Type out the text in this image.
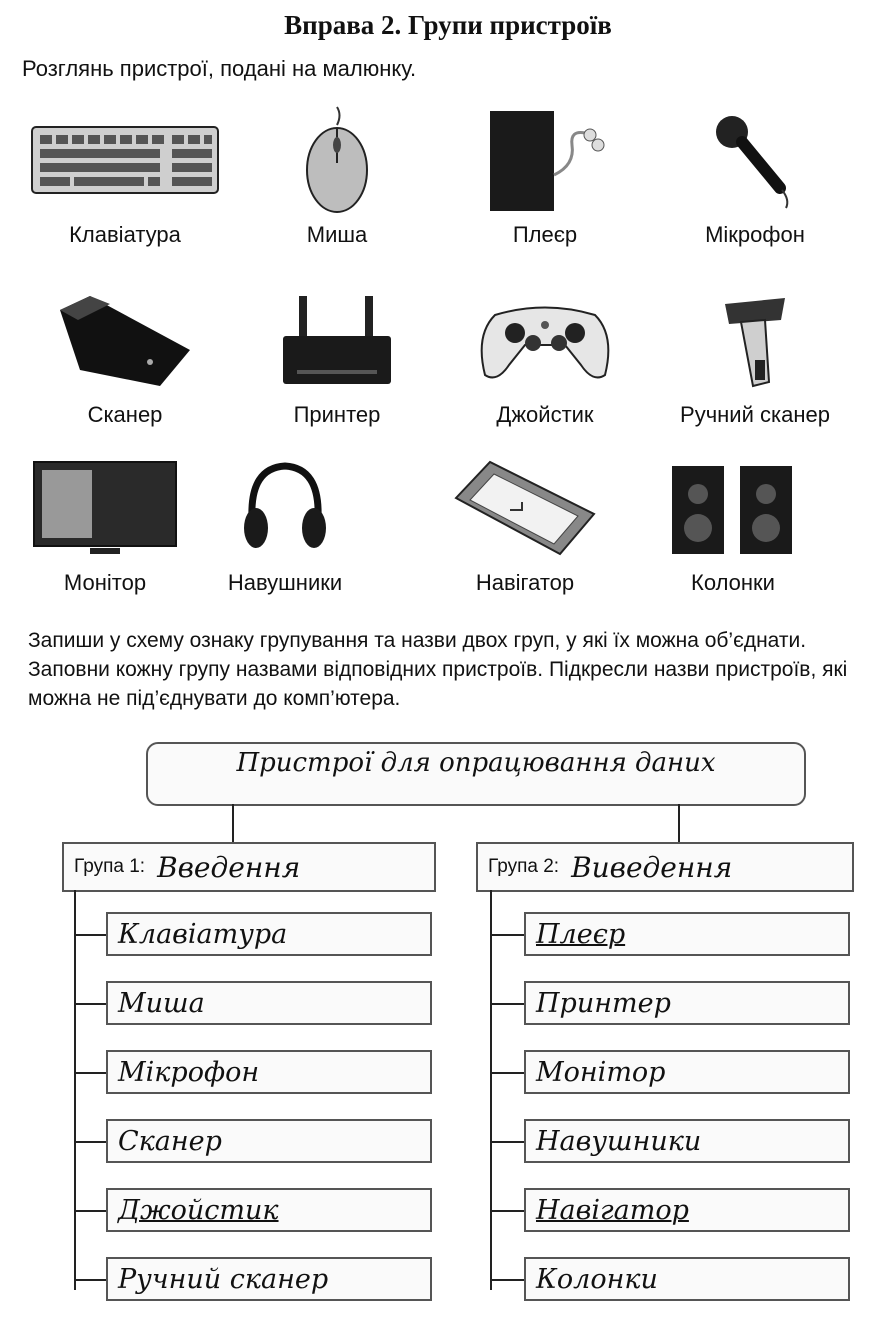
Вправа 2. Групи пристроїв
Розглянь пристрої, подані на малюнку.
Клавіатура	Миша	Плеєр	Мікрофон
Сканер	Принтер	Джойстик	Ручний сканер
Монітор	Навушники	Навігатор	Колонки
Запиши у схему ознаку групування та назви двох груп, у які їх можна об’єднати. Заповни кожну групу назвами відповідних пристроїв. Підкресли назви пристроїв, які можна не під’єднувати до комп’ютера.
Пристрої для опрацювання даних
Група 1: Введення
Клавіатура
Миша
Мікрофон
Сканер
Джойстик
Ручний сканер
Група 2: Виведення
Плеєр
Принтер
Монітор
Навушники
Навігатор
Колонки
